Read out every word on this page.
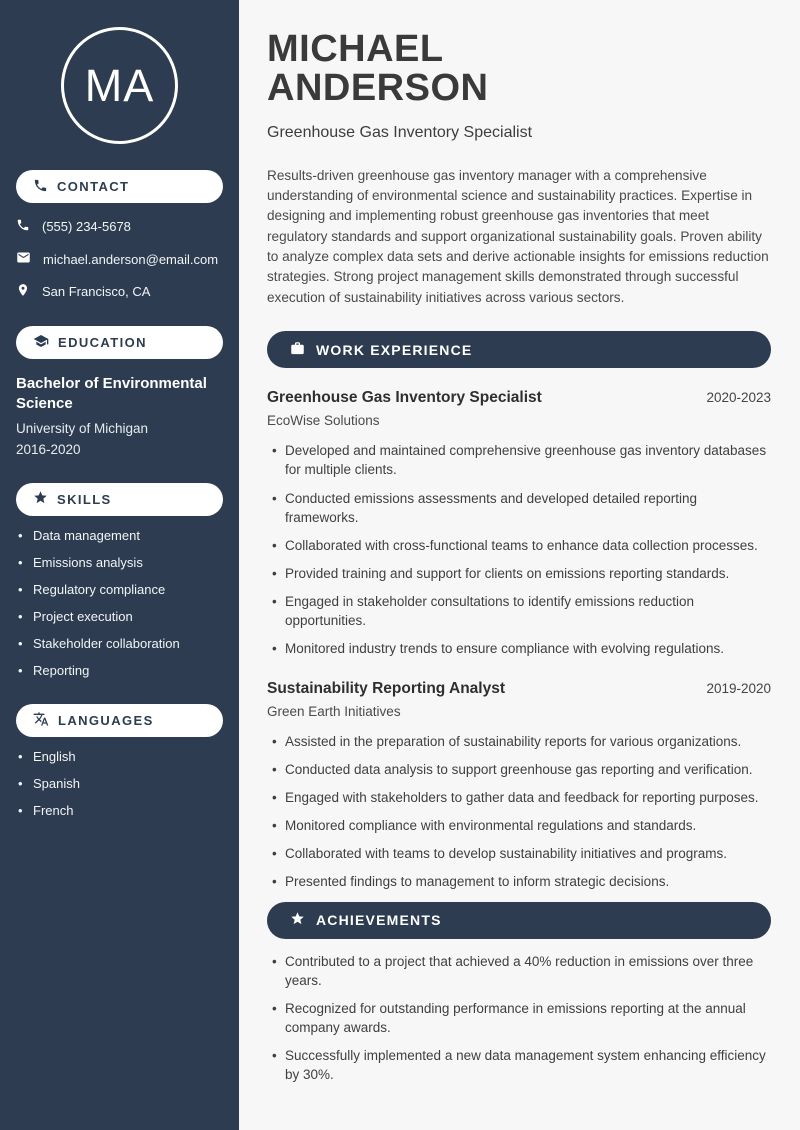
MA
CONTACT
(555) 234-5678
michael.anderson@email.com
San Francisco, CA
EDUCATION
Bachelor of Environmental Science
University of Michigan
2016-2020
SKILLS
• Data management
• Emissions analysis
• Regulatory compliance
• Project execution
• Stakeholder collaboration
• Reporting
LANGUAGES
• English
• Spanish
• French
MICHAEL
ANDERSON
Greenhouse Gas Inventory Specialist

Results-driven greenhouse gas inventory manager with a comprehensive understanding of environmental science and sustainability practices. Expertise in designing and implementing robust greenhouse gas inventories that meet regulatory standards and support organizational sustainability goals. Proven ability to analyze complex data sets and derive actionable insights for emissions reduction strategies. Strong project management skills demonstrated through successful execution of sustainability initiatives across various sectors.

WORK EXPERIENCE
Greenhouse Gas Inventory Specialist	2020-2023
EcoWise Solutions
• Developed and maintained comprehensive greenhouse gas inventory databases for multiple clients.
• Conducted emissions assessments and developed detailed reporting frameworks.
• Collaborated with cross-functional teams to enhance data collection processes.
• Provided training and support for clients on emissions reporting standards.
• Engaged in stakeholder consultations to identify emissions reduction opportunities.
• Monitored industry trends to ensure compliance with evolving regulations.
Sustainability Reporting Analyst	2019-2020
Green Earth Initiatives
• Assisted in the preparation of sustainability reports for various organizations.
• Conducted data analysis to support greenhouse gas reporting and verification.
• Engaged with stakeholders to gather data and feedback for reporting purposes.
• Monitored compliance with environmental regulations and standards.
• Collaborated with teams to develop sustainability initiatives and programs.
• Presented findings to management to inform strategic decisions.
ACHIEVEMENTS
• Contributed to a project that achieved a 40% reduction in emissions over three years.
• Recognized for outstanding performance in emissions reporting at the annual company awards.
• Successfully implemented a new data management system enhancing efficiency by 30%.
